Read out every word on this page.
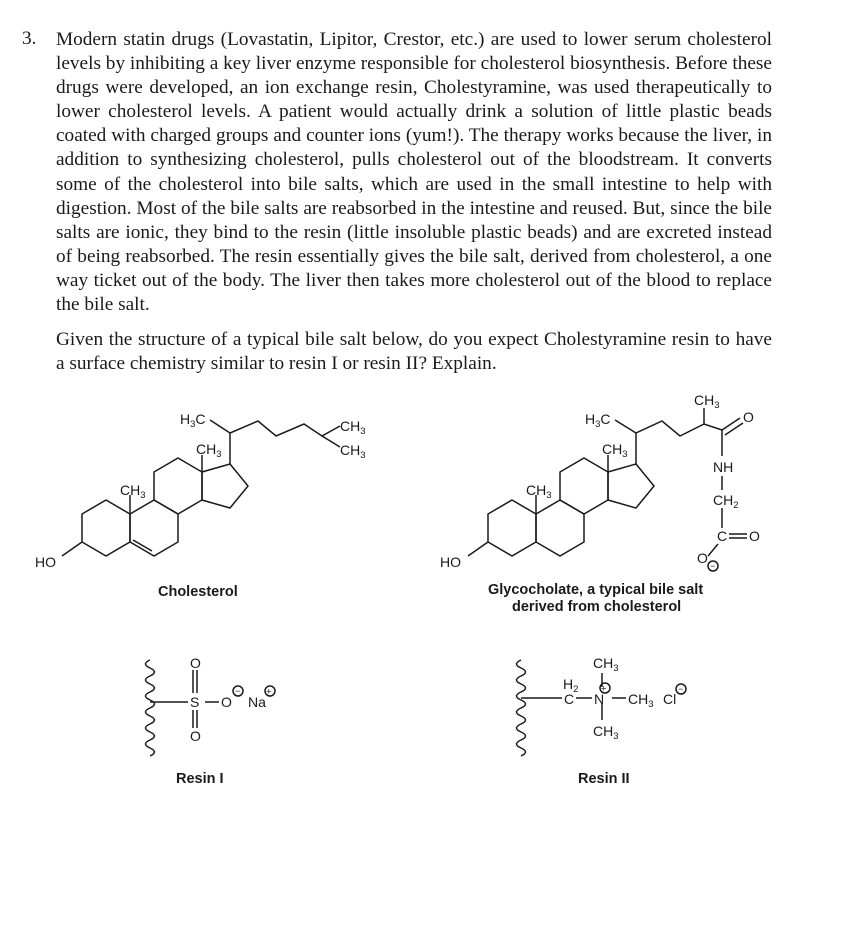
3. Modern statin drugs (Lovastatin, Lipitor, Crestor, etc.) are used to lower serum cholesterol levels by inhibiting a key liver enzyme responsible for cholesterol biosynthesis. Before these drugs were developed, an ion exchange resin, Cholestyramine, was used therapeutically to lower cholesterol levels. A patient would actually drink a solution of little plastic beads coated with charged groups and counter ions (yum!). The therapy works because the liver, in addition to synthesizing cholesterol, pulls cholesterol out of the bloodstream. It converts some of the cholesterol into bile salts, which are used in the small intestine to help with digestion. Most of the bile salts are reabsorbed in the intestine and reused. But, since the bile salts are ionic, they bind to the resin (little insoluble plastic beads) and are excreted instead of being reabsorbed. The resin essentially gives the bile salt, derived from cholesterol, a one way ticket out of the body. The liver then takes more cholesterol out of the blood to replace the bile salt.

Given the structure of a typical bile salt below, do you expect Cholestyramine resin to have a surface chemistry similar to resin I or resin II? Explain.

HO
$CH_3$
$CH_3$
$H_3C$	$CH_3$
$CH_3$
Cholesterol
HO
$CH_3$
$CH_3$
$H_3C$
$CH_3$
O
NH
$CH_2$
C O
O −
Glycocholate, a typical bile salt
derived from cholesterol
O
S
O
O
−
Na
+
Resin I
$H_2$
C N
+
$CH_3$
$CH_3$
$CH_3$
Cl
−
Resin II
